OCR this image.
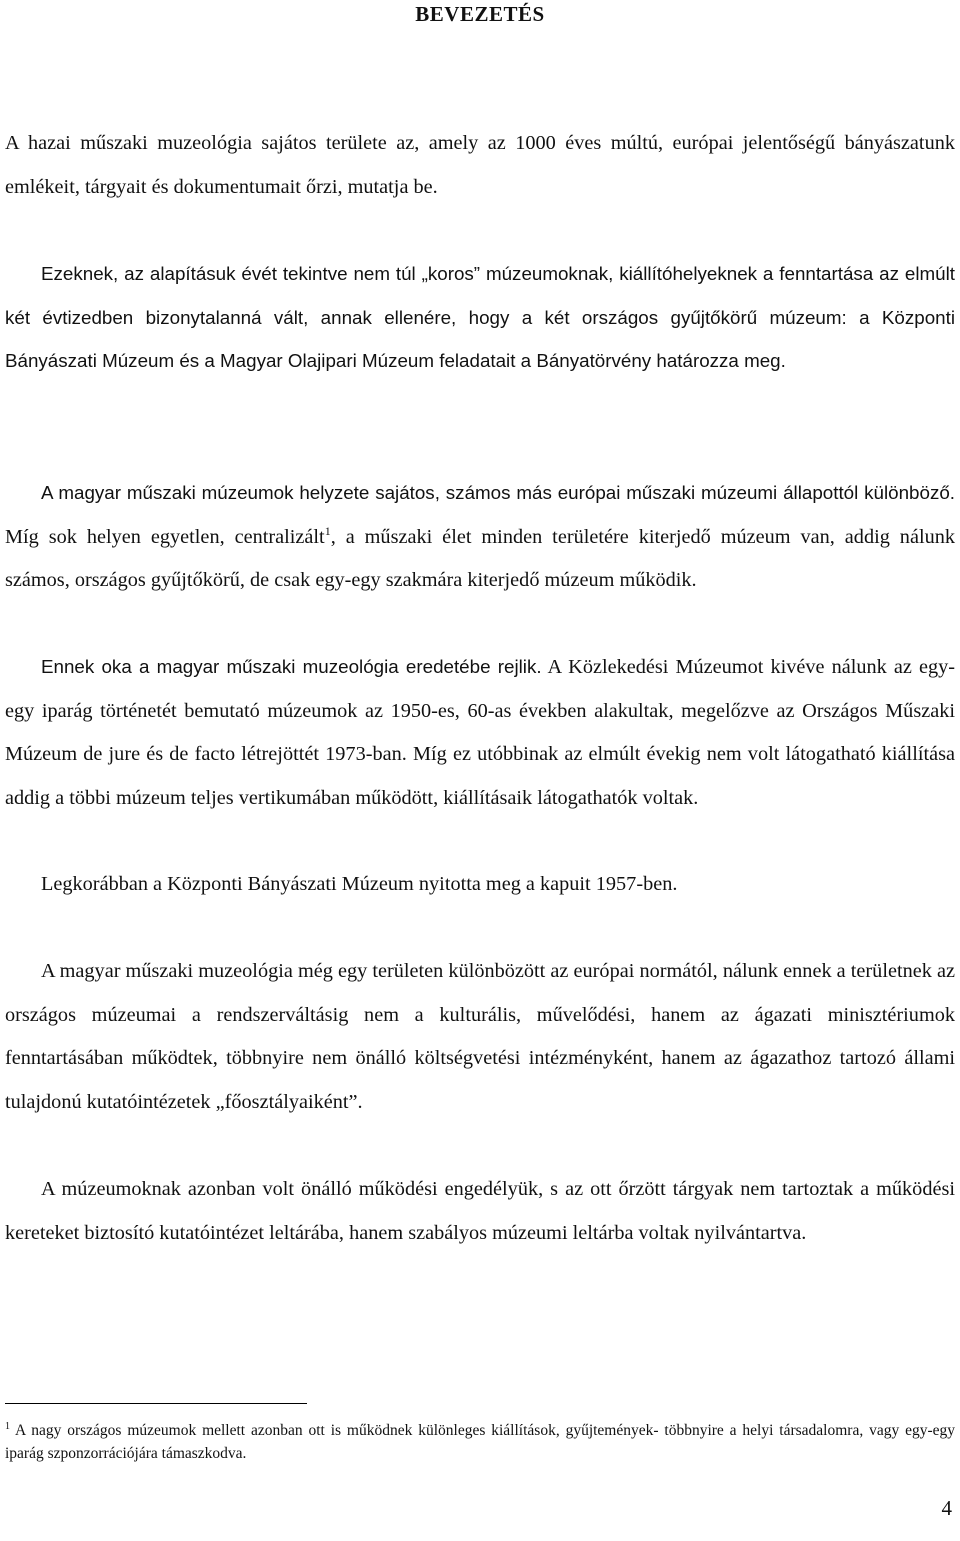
BEVEZETÉS

A hazai műszaki muzeológia sajátos területe az, amely az 1000 éves múltú, európai jelentőségű bányászatunk emlékeit, tárgyait és dokumentumait őrzi, mutatja be.

Ezeknek, az alapításuk évét tekintve nem túl „koros” múzeumoknak, kiállítóhelyeknek a fenntartása az elmúlt két évtizedben bizonytalanná vált, annak ellenére, hogy a két országos gyűjtőkörű múzeum: a Központi Bányászati Múzeum és a Magyar Olajipari Múzeum feladatait a Bányatörvény határozza meg.

A magyar műszaki múzeumok helyzete sajátos, számos más európai műszaki múzeumi állapottól különböző. Míg sok helyen egyetlen, centralizált$^1$, a műszaki élet minden területére kiterjedő múzeum van, addig nálunk számos, országos gyűjtőkörű, de csak egy-egy szakmára kiterjedő múzeum működik.

Ennek oka a magyar műszaki muzeológia eredetébe rejlik. A Közlekedési Múzeumot kivéve nálunk az egy-egy iparág történetét bemutató múzeumok az 1950-es, 60-as években alakultak, megelőzve az Országos Műszaki Múzeum de jure és de facto létrejöttét 1973-ban. Míg ez utóbbinak az elmúlt évekig nem volt látogatható kiállítása addig a többi múzeum teljes vertikumában működött, kiállításaik látogathatók voltak.

Legkorábban a Központi Bányászati Múzeum nyitotta meg a kapuit 1957-ben.

A magyar műszaki muzeológia még egy területen különbözött az európai normától, nálunk ennek a területnek az országos múzeumai a rendszerváltásig nem a kulturális, művelődési, hanem az ágazati minisztériumok fenntartásában működtek, többnyire nem önálló költségvetési intézményként, hanem az ágazathoz tartozó állami tulajdonú kutatóintézetek „főosztályaiként”.

A múzeumoknak azonban volt önálló működési engedélyük, s az ott őrzött tárgyak nem tartoztak a működési kereteket biztosító kutatóintézet leltárába, hanem szabályos múzeumi leltárba voltak nyilvántartva.

$^1$ A nagy országos múzeumok mellett azonban ott is működnek különleges kiállítások, gyűjtemények- többnyire a helyi társadalomra, vagy egy-egy iparág szponzorrációjára támaszkodva.

4
